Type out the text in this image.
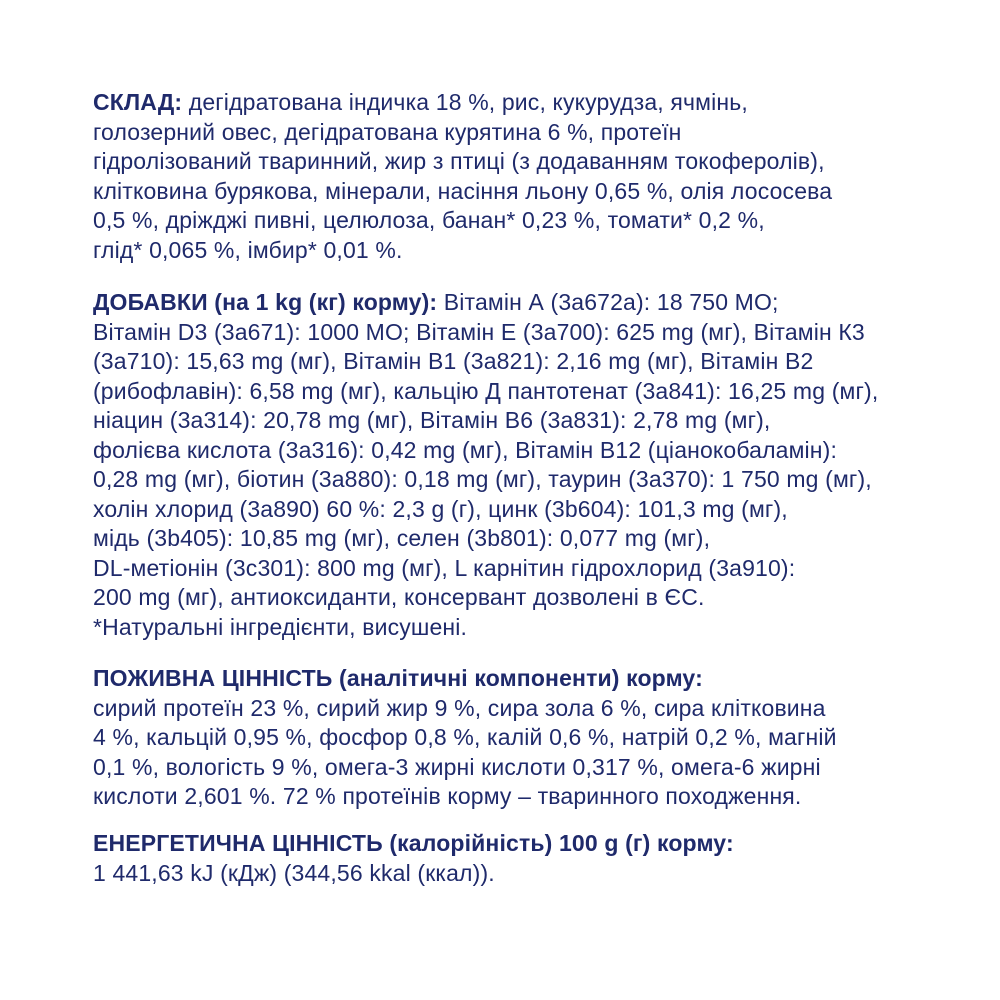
СКЛАД: дегідратована індичка 18 %, рис, кукурудза, ячмінь,
голозерний овес, дегідратована курятина 6 %, протеїн
гідролізований тваринний, жир з птиці (з додаванням токоферолів),
клітковина бурякова, мінерали, насіння льону 0,65 %, олія лососева
0,5 %, дріжджі пивні, целюлоза, банан* 0,23 %, томати* 0,2 %,
глід* 0,065 %, імбир* 0,01 %.
ДОБАВКИ (на 1 kg (кг) корму): Вітамін А (3а672а): 18 750 МО;
Вітамін D3 (3а671): 1000 МО; Вітамін Е (3а700): 625 mg (мг), Вітамін К3
(3а710): 15,63 mg (мг), Вітамін В1 (3а821): 2,16 mg (мг), Вітамін В2
(рибофлавін): 6,58 mg (мг), кальцію Д пантотенат (3а841): 16,25 mg (мг),
ніацин (3а314): 20,78 mg (мг), Вітамін В6 (3а831): 2,78 mg (мг),
фолієва кислота (3а316): 0,42 mg (мг), Вітамін В12 (ціанокобаламін):
0,28 mg (мг), біотин (3а880): 0,18 mg (мг), таурин (3а370): 1 750 mg (мг),
холін хлорид (3а890) 60 %: 2,3 g (г), цинк (3b604): 101,3 mg (мг),
мідь (3b405): 10,85 mg (мг), селен (3b801): 0,077 mg (мг),
DL-метіонін (3с301): 800 mg (мг), L карнітин гідрохлорид (3а910):
200 mg (мг), антиоксиданти, консервант дозволені в ЄС.
*Натуральні інгредієнти, висушені.
ПОЖИВНА ЦІННІСТЬ (аналітичні компоненти) корму:
сирий протеїн 23 %, сирий жир 9 %, сира зола 6 %, сира клітковина
4 %, кальцій 0,95 %, фосфор 0,8 %, калій 0,6 %, натрій 0,2 %, магній
0,1 %, вологість 9 %, омега-3 жирні кислоти 0,317 %, омега-6 жирні
кислоти 2,601 %. 72 % протеїнів корму – тваринного походження.
ЕНЕРГЕТИЧНА ЦІННІСТЬ (калорійність) 100 g (г) корму:
1 441,63 kJ (кДж) (344,56 kkal (ккал)).
